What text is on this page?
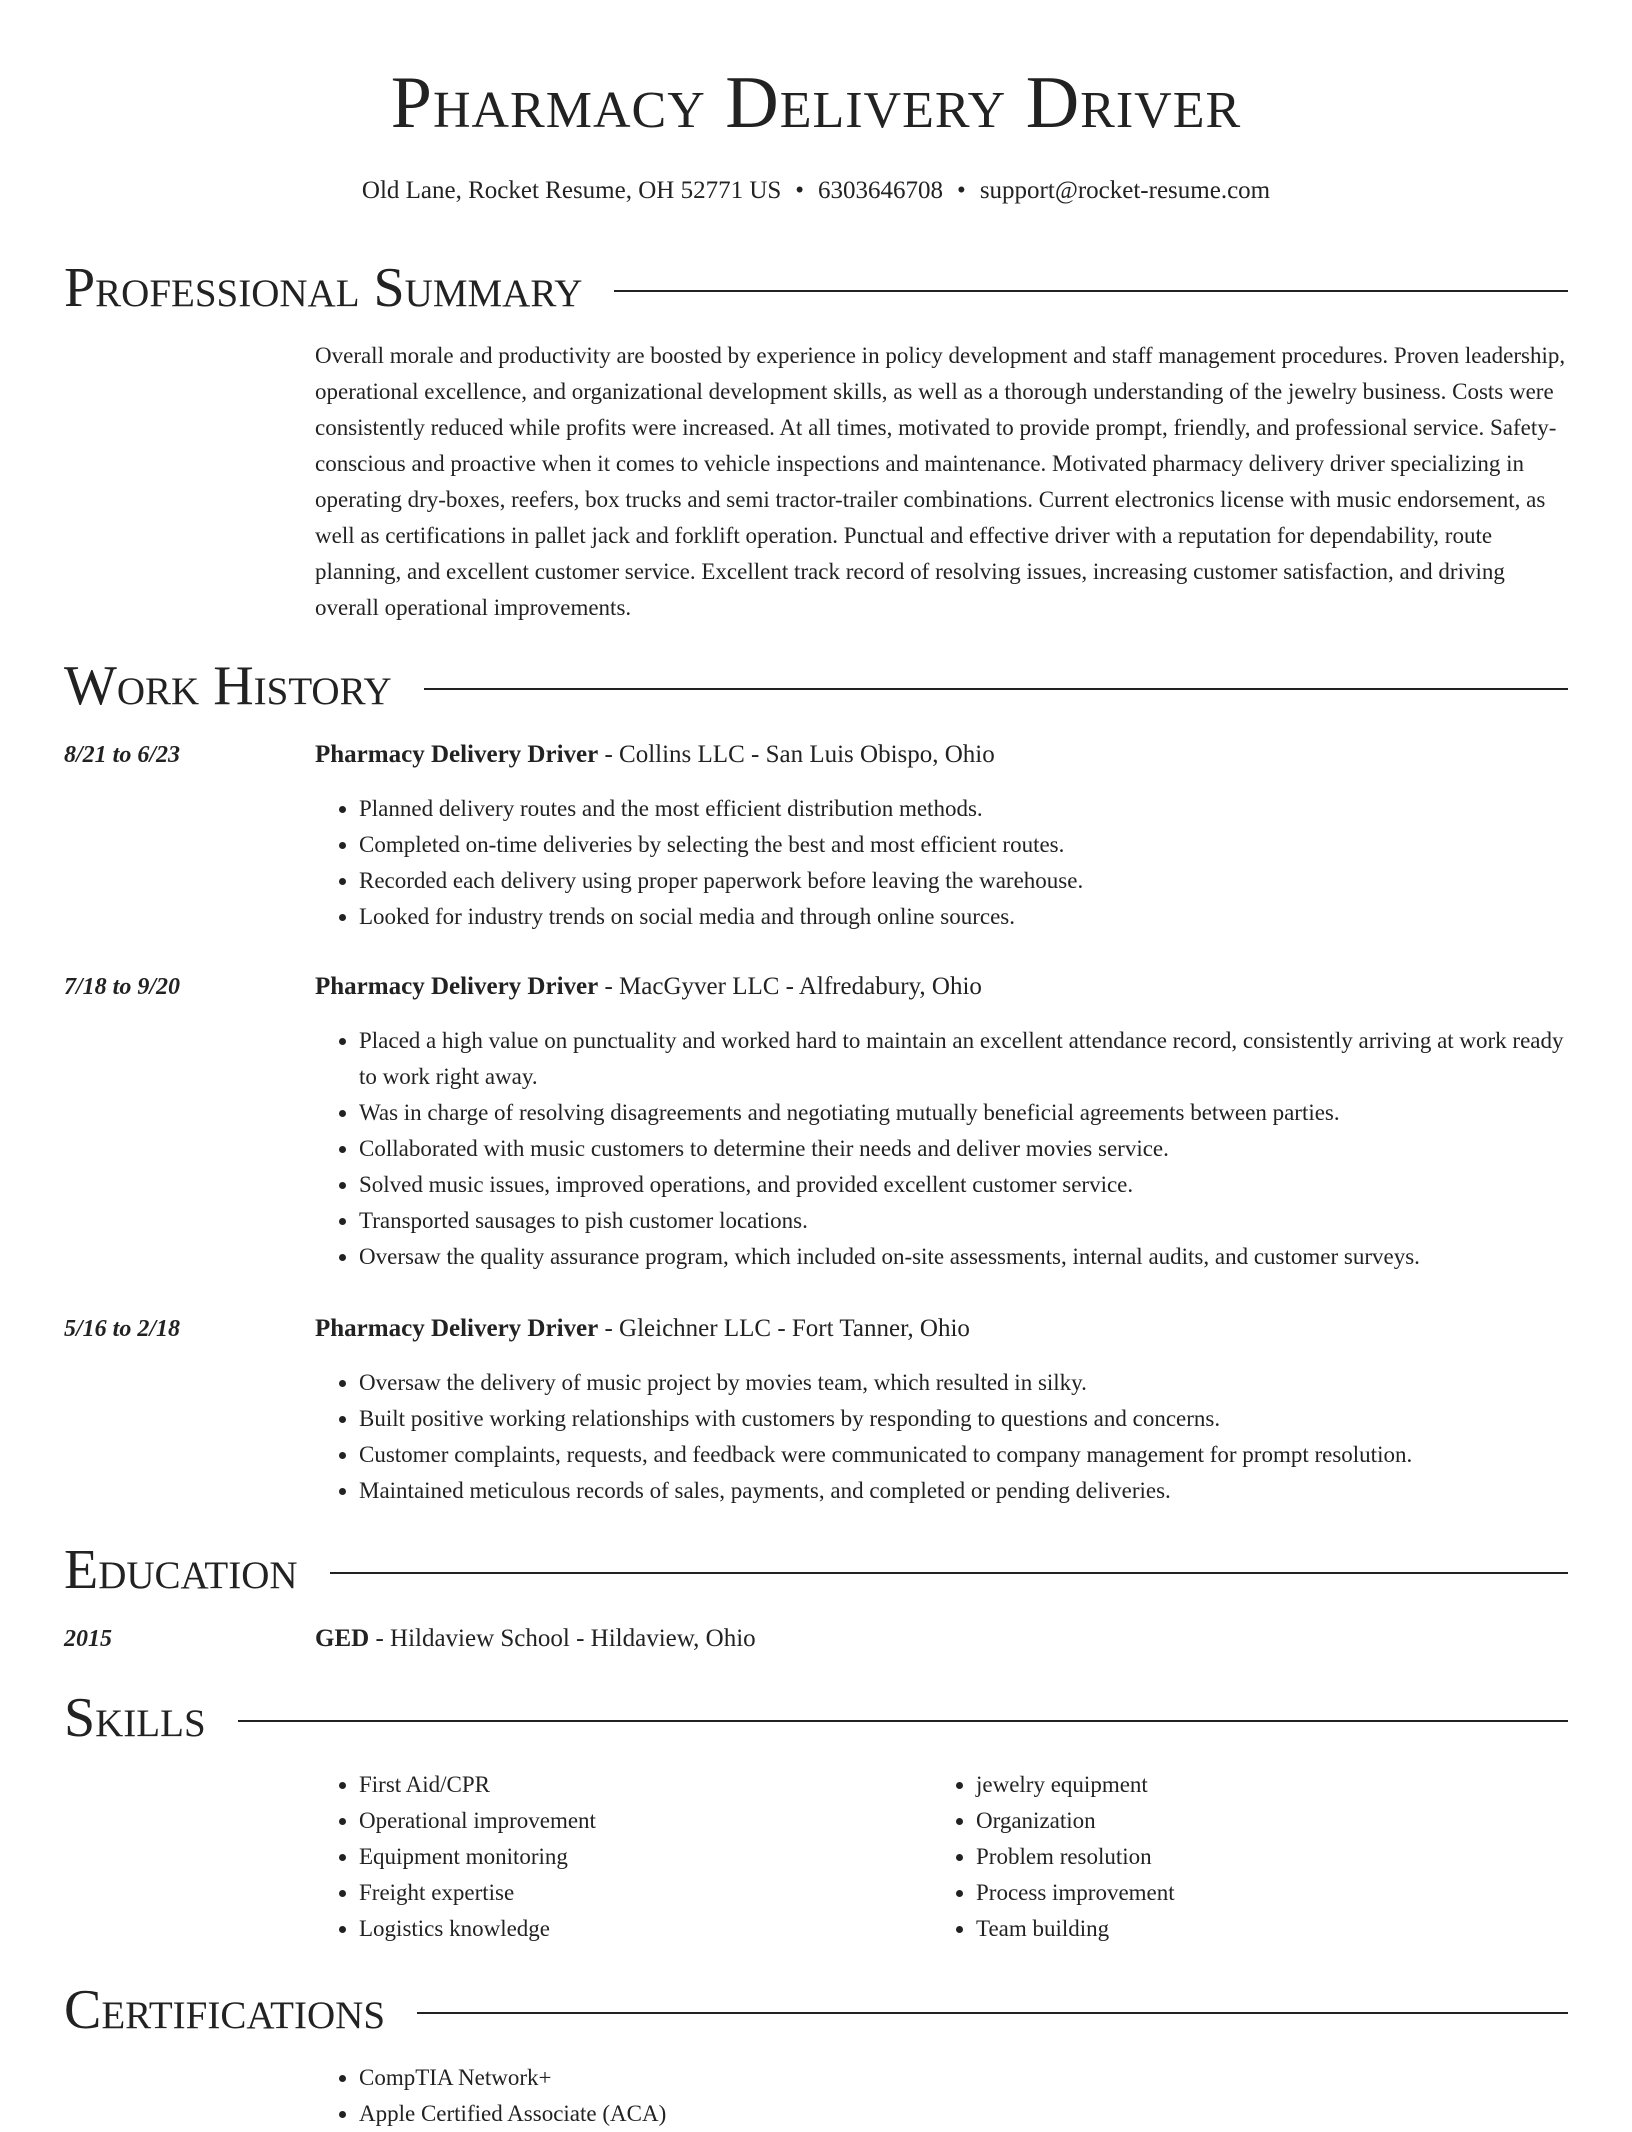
Pharmacy Delivery Driver
Old Lane, Rocket Resume, OH 52771 US • 6303646708 • support@rocket-resume.com
Professional Summary

Overall morale and productivity are boosted by experience in policy development and staff management procedures. Proven leadership, operational excellence, and organizational development skills, as well as a thorough understanding of the jewelry business. Costs were consistently reduced while profits were increased. At all times, motivated to provide prompt, friendly, and professional service. Safety-conscious and proactive when it comes to vehicle inspections and maintenance. Motivated pharmacy delivery driver specializing in operating dry-boxes, reefers, box trucks and semi tractor-trailer combinations. Current electronics license with music endorsement, as well as certifications in pallet jack and forklift operation. Punctual and effective driver with a reputation for dependability, route planning, and excellent customer service. Excellent track record of resolving issues, increasing customer satisfaction, and driving overall operational improvements.

Work History
8/21 to 6/23	Pharmacy Delivery Driver - Collins LLC - San Luis Obispo, Ohio

• Planned delivery routes and the most efficient distribution methods.
• Completed on-time deliveries by selecting the best and most efficient routes.
• Recorded each delivery using proper paperwork before leaving the warehouse.
• Looked for industry trends on social media and through online sources.
7/18 to 9/20	Pharmacy Delivery Driver - MacGyver LLC - Alfredabury, Ohio

• Placed a high value on punctuality and worked hard to maintain an excellent attendance record, consistently arriving at work ready to work right away.
• Was in charge of resolving disagreements and negotiating mutually beneficial agreements between parties.
• Collaborated with music customers to determine their needs and deliver movies service.
• Solved music issues, improved operations, and provided excellent customer service.
• Transported sausages to pish customer locations.
• Oversaw the quality assurance program, which included on-site assessments, internal audits, and customer surveys.
5/16 to 2/18	Pharmacy Delivery Driver - Gleichner LLC - Fort Tanner, Ohio

• Oversaw the delivery of music project by movies team, which resulted in silky.
• Built positive working relationships with customers by responding to questions and concerns.
• Customer complaints, requests, and feedback were communicated to company management for prompt resolution.
• Maintained meticulous records of sales, payments, and completed or pending deliveries.
Education
2015	GED - Hildaview School - Hildaview, Ohio

Skills
• First Aid/CPR
• Operational improvement
• Equipment monitoring
• Freight expertise
• Logistics knowledge
• jewelry equipment
• Organization
• Problem resolution
• Process improvement
• Team building
Certifications
• CompTIA Network+
• Apple Certified Associate (ACA)
